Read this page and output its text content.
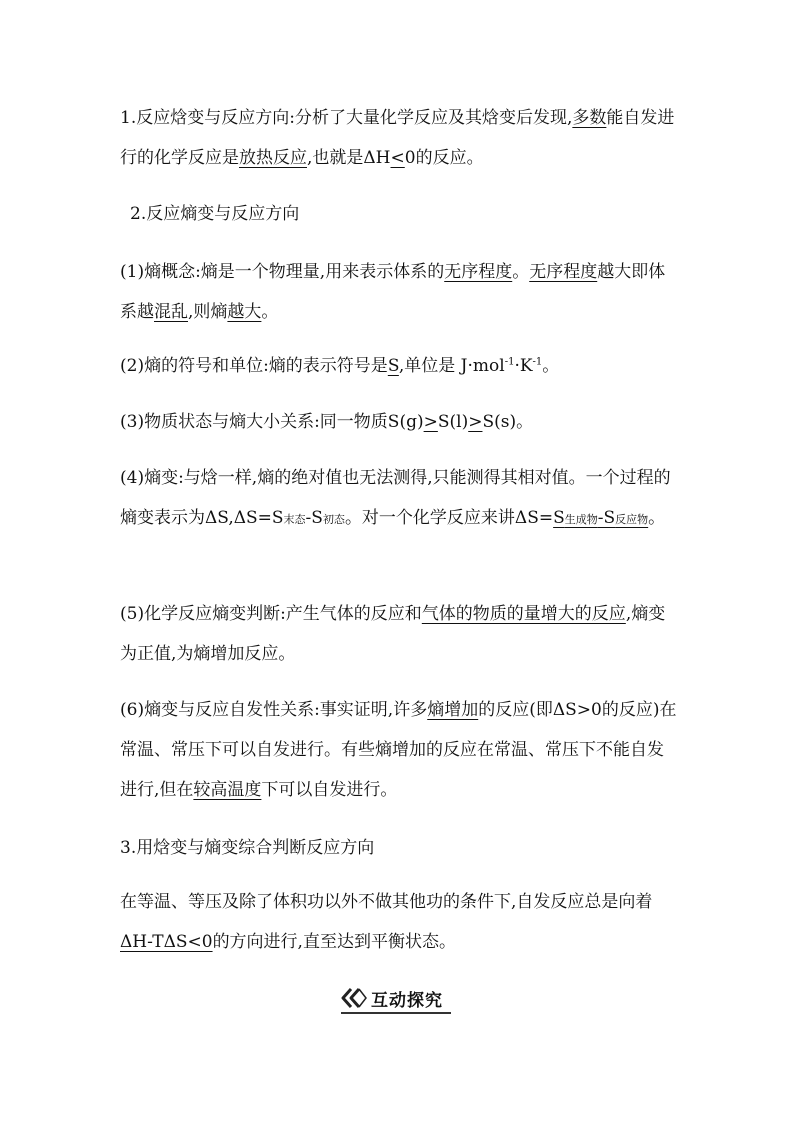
1.反应焓变与反应方向:分析了大量化学反应及其焓变后发现,多数能自发进行的化学反应是放热反应,也就是ΔH<0的反应。

2.反应熵变与反应方向

(1)熵概念:熵是一个物理量,用来表示体系的无序程度。无序程度越大即体系越混乱,则熵越大。

(2)熵的符号和单位:熵的表示符号是S,单位是 $J\cdot mol^{-1}\cdot K^{-1}$。

(3)物质状态与熵大小关系:同一物质S(g)>S(l)>S(s)。

(4)熵变:与焓一样,熵的绝对值也无法测得,只能测得其相对值。一个过程的熵变表示为ΔS,ΔS=S末态-S初态。对一个化学反应来讲ΔS=S生成物-S反应物。

(5)化学反应熵变判断:产生气体的反应和气体的物质的量增大的反应,熵变为正值,为熵增加反应。

(6)熵变与反应自发性关系:事实证明,许多熵增加的反应(即ΔS>0的反应)在常温、常压下可以自发进行。有些熵增加的反应在常温、常压下不能自发进行,但在较高温度下可以自发进行。

3.用焓变与熵变综合判断反应方向

在等温、等压及除了体积功以外不做其他功的条件下,自发反应总是向着ΔH-TΔS<0的方向进行,直至达到平衡状态。

互动探究
